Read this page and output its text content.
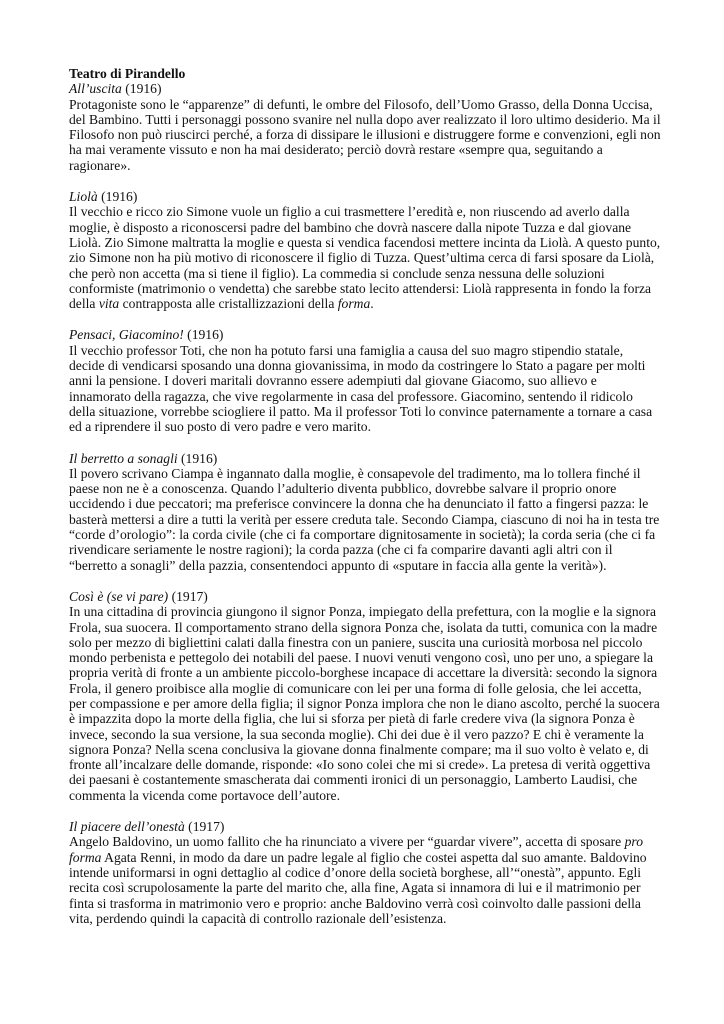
Teatro di Pirandello

All’uscita (1916)

Protagoniste sono le “apparenze” di defunti, le ombre del Filosofo, dell’Uomo Grasso, della Donna Uccisa, del Bambino. Tutti i personaggi possono svanire nel nulla dopo aver realizzato il loro ultimo desiderio. Ma il Filosofo non può riuscirci perché, a forza di dissipare le illusioni e distruggere forme e convenzioni, egli non ha mai veramente vissuto e non ha mai desiderato; perciò dovrà restare «sempre qua, seguitando a ragionare».

Liolà (1916)

Il vecchio e ricco zio Simone vuole un figlio a cui trasmettere l’eredità e, non riuscendo ad averlo dalla moglie, è disposto a riconoscersi padre del bambino che dovrà nascere dalla nipote Tuzza e dal giovane Liolà. Zio Simone maltratta la moglie e questa si vendica facendosi mettere incinta da Liolà. A questo punto, zio Simone non ha più motivo di riconoscere il figlio di Tuzza. Quest’ultima cerca di farsi sposare da Liolà, che però non accetta (ma si tiene il figlio). La commedia si conclude senza nessuna delle soluzioni conformiste (matrimonio o vendetta) che sarebbe stato lecito attendersi: Liolà rappresenta in fondo la forza della vita contrapposta alle cristallizzazioni della forma.

Pensaci, Giacomino! (1916)

Il vecchio professor Toti, che non ha potuto farsi una famiglia a causa del suo magro stipendio statale, decide di vendicarsi sposando una donna giovanissima, in modo da costringere lo Stato a pagare per molti anni la pensione. I doveri maritali dovranno essere adempiuti dal giovane Giacomo, suo allievo e innamorato della ragazza, che vive regolarmente in casa del professore. Giacomino, sentendo il ridicolo della situazione, vorrebbe sciogliere il patto. Ma il professor Toti lo convince paternamente a tornare a casa ed a riprendere il suo posto di vero padre e vero marito.

Il berretto a sonagli (1916)

Il povero scrivano Ciampa è ingannato dalla moglie, è consapevole del tradimento, ma lo tollera finché il paese non ne è a conoscenza. Quando l’adulterio diventa pubblico, dovrebbe salvare il proprio onore uccidendo i due peccatori; ma preferisce convincere la donna che ha denunciato il fatto a fingersi pazza: le basterà mettersi a dire a tutti la verità per essere creduta tale. Secondo Ciampa, ciascuno di noi ha in testa tre “corde d’orologio”: la corda civile (che ci fa comportare dignitosamente in società); la corda seria (che ci fa rivendicare seriamente le nostre ragioni); la corda pazza (che ci fa comparire davanti agli altri con il “berretto a sonagli” della pazzia, consentendoci appunto di «sputare in faccia alla gente la verità»).

Così è (se vi pare) (1917)

In una cittadina di provincia giungono il signor Ponza, impiegato della prefettura, con la moglie e la signora Frola, sua suocera. Il comportamento strano della signora Ponza che, isolata da tutti, comunica con la madre solo per mezzo di bigliettini calati dalla finestra con un paniere, suscita una curiosità morbosa nel piccolo mondo perbenista e pettegolo dei notabili del paese. I nuovi venuti vengono così, uno per uno, a spiegare la propria verità di fronte a un ambiente piccolo-borghese incapace di accettare la diversità: secondo la signora Frola, il genero proibisce alla moglie di comunicare con lei per una forma di folle gelosia, che lei accetta, per compassione e per amore della figlia; il signor Ponza implora che non le diano ascolto, perché la suocera è impazzita dopo la morte della figlia, che lui si sforza per pietà di farle credere viva (la signora Ponza è invece, secondo la sua versione, la sua seconda moglie). Chi dei due è il vero pazzo? E chi è veramente la signora Ponza? Nella scena conclusiva la giovane donna finalmente compare; ma il suo volto è velato e, di fronte all’incalzare delle domande, risponde: «Io sono colei che mi si crede». La pretesa di verità oggettiva dei paesani è costantemente smascherata dai commenti ironici di un personaggio, Lamberto Laudisi, che commenta la vicenda come portavoce dell’autore.

Il piacere dell’onestà (1917)

Angelo Baldovino, un uomo fallito che ha rinunciato a vivere per “guardar vivere”, accetta di sposare pro forma Agata Renni, in modo da dare un padre legale al figlio che costei aspetta dal suo amante. Baldovino intende uniformarsi in ogni dettaglio al codice d’onore della società borghese, all’“onestà”, appunto. Egli recita così scrupolosamente la parte del marito che, alla fine, Agata si innamora di lui e il matrimonio per finta si trasforma in matrimonio vero e proprio: anche Baldovino verrà così coinvolto dalle passioni della vita, perdendo quindi la capacità di controllo razionale dell’esistenza.
